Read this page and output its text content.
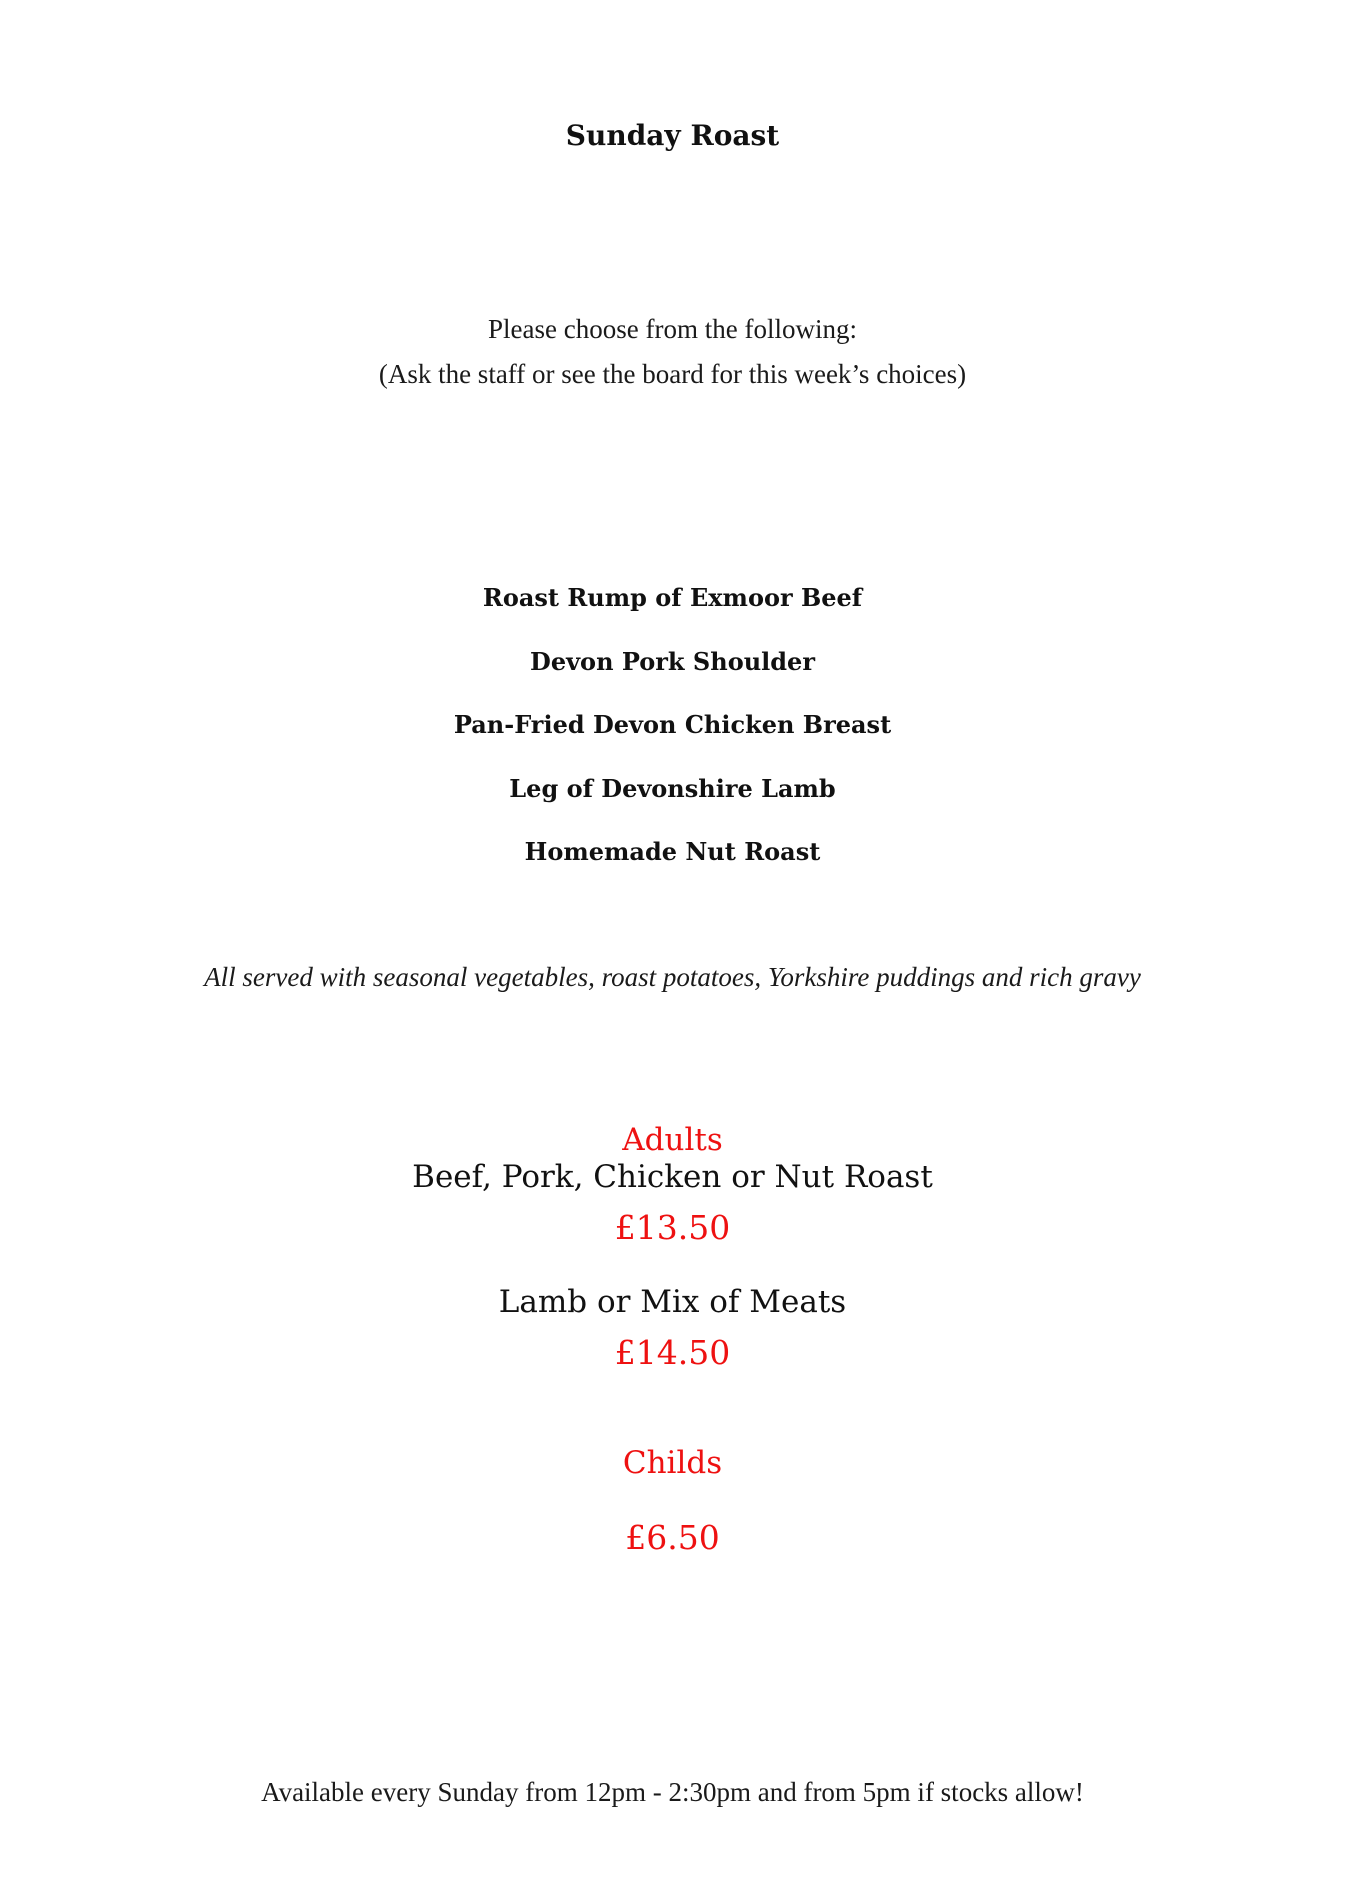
Sunday Roast
Please choose from the following:
(Ask the staff or see the board for this week’s choices)
Roast Rump of Exmoor Beef
Devon Pork Shoulder
Pan-Fried Devon Chicken Breast
Leg of Devonshire Lamb
Homemade Nut Roast
All served with seasonal vegetables, roast potatoes, Yorkshire puddings and rich gravy
Adults
Beef, Pork, Chicken or Nut Roast
£13.50
Lamb or Mix of Meats
£14.50
Childs
£6.50
Available every Sunday from 12pm - 2:30pm and from 5pm if stocks allow!
